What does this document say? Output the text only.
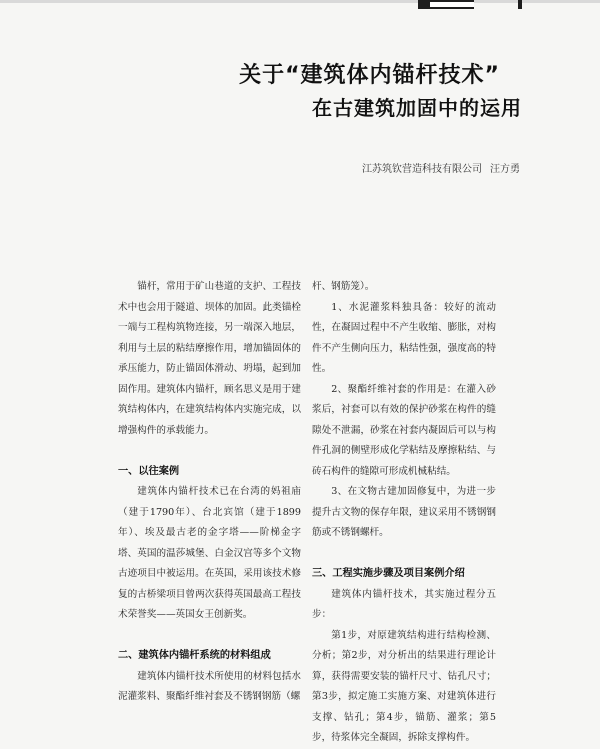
关于“建筑体内锚杆技术”
在古建筑加固中的运用
江苏筑钦营造科技有限公司 汪方勇

锚杆，常用于矿山巷道的支护、工程技术中也会用于隧道、坝体的加固。此类锚栓一端与工程构筑物连接，另一端深入地层，利用与土层的粘结摩擦作用，增加锚固体的承压能力，防止锚固体滑动、坍塌，起到加固作用。建筑体内锚杆，顾名思义是用于建筑结构体内，在建筑结构体内实施完成，以增强构件的承载能力。

一、以往案例

建筑体内锚杆技术已在台湾的妈祖庙（建于1790年）、台北宾馆（建于1899年）、埃及最古老的金字塔——阶梯金字塔、英国的温莎城堡、白金汉宫等多个文物古迹项目中被运用。在英国，采用该技术修复的古桥梁项目曾两次获得英国最高工程技术荣誉奖——英国女王创新奖。

二、建筑体内锚杆系统的材料组成

建筑体内锚杆技术所使用的材料包括水泥灌浆料、聚酯纤维衬套及不锈钢钢筋（螺

杆、钢筋笼）。

1、水泥灌浆料独具备：较好的流动性，在凝固过程中不产生收缩、膨胀，对构件不产生侧向压力，粘结性强，强度高的特性。

2、聚酯纤维衬套的作用是：在灌入砂浆后，衬套可以有效的保护砂浆在构件的缝隙处不泄漏，砂浆在衬套内凝固后可以与构件孔洞的侧壁形成化学粘结及摩擦粘结、与砖石构件的缝隙可形成机械粘结。

3、在文物古建加固修复中，为进一步提升古文物的保存年限，建议采用不锈钢钢筋或不锈钢螺杆。

三、工程实施步骤及项目案例介绍

建筑体内锚杆技术，其实施过程分五步：

第1步，对原建筑结构进行结构检测、分析；第2步，对分析出的结果进行理论计算，获得需要安装的锚杆尺寸、钻孔尺寸；第3步，拟定施工实施方案、对建筑体进行支撑、钻孔；第4步，锚筋、灌浆；第5步，待浆体完全凝固，拆除支撑构件。
